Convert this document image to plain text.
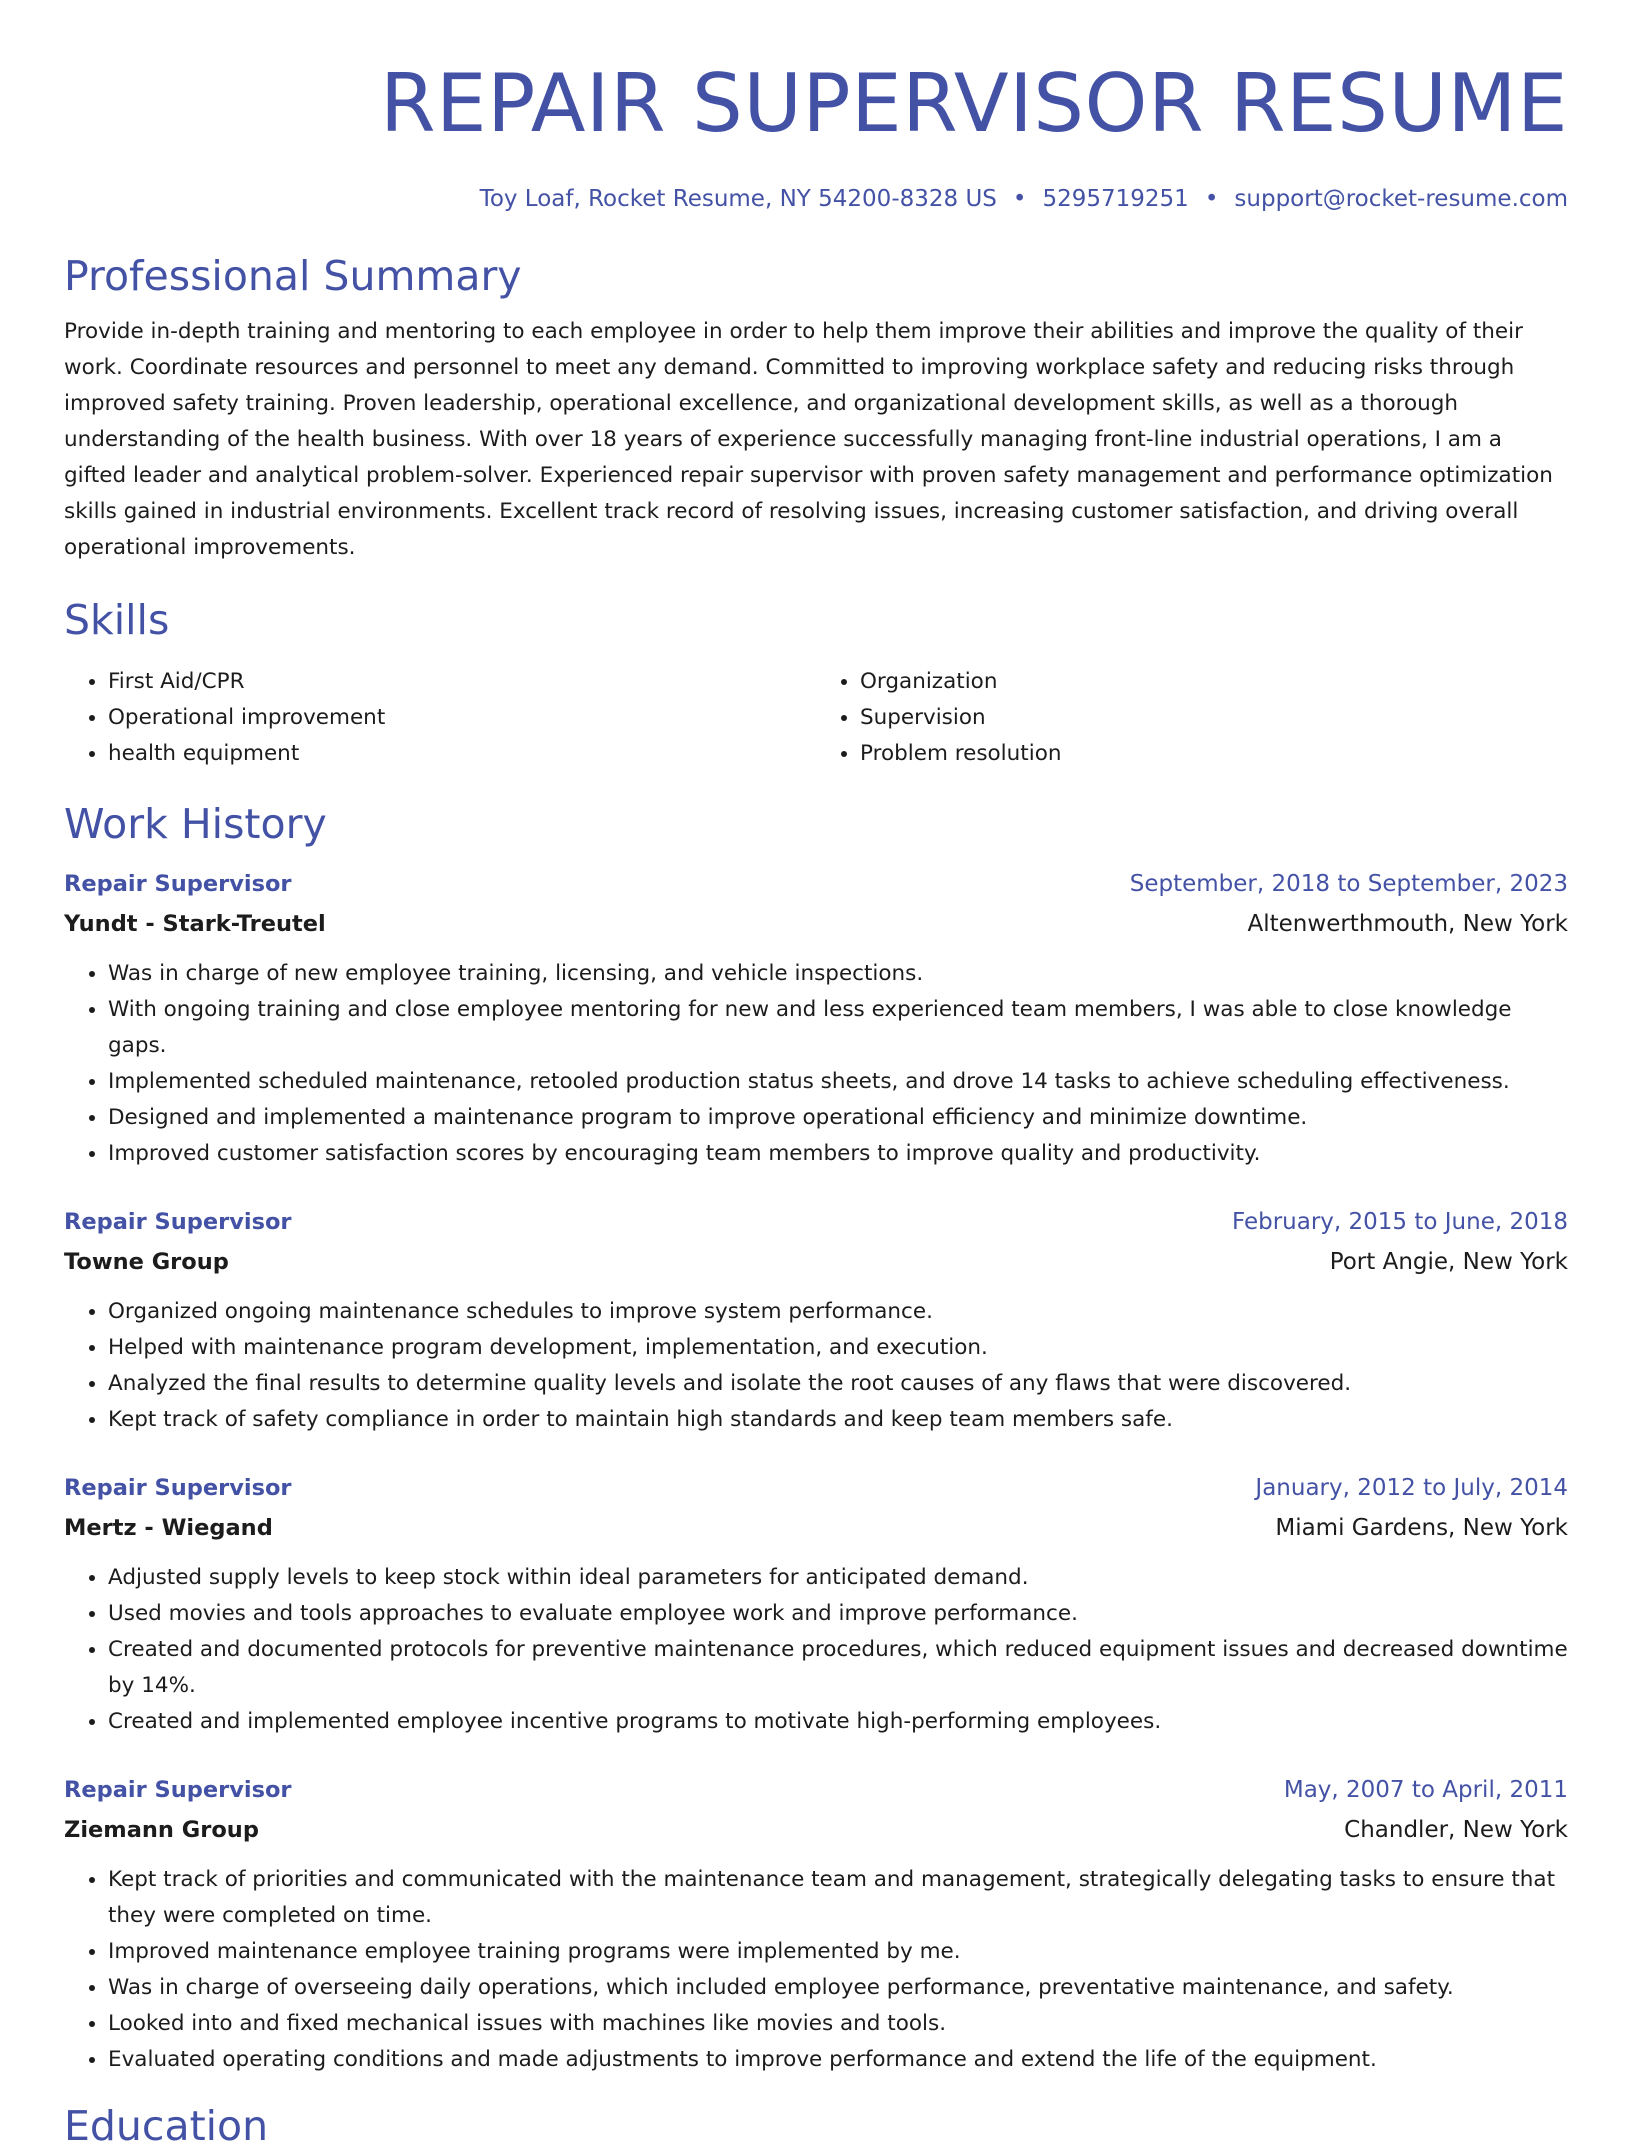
REPAIR SUPERVISOR RESUME
Toy Loaf, Rocket Resume, NY 54200-8328 US • 5295719251 • support@rocket-resume.com
Professional Summary

Provide in-depth training and mentoring to each employee in order to help them improve their abilities and improve the quality of their work. Coordinate resources and personnel to meet any demand. Committed to improving workplace safety and reducing risks through improved safety training. Proven leadership, operational excellence, and organizational development skills, as well as a thorough understanding of the health business. With over 18 years of experience successfully managing front-line industrial operations, I am a gifted leader and analytical problem-solver. Experienced repair supervisor with proven safety management and performance optimization skills gained in industrial environments. Excellent track record of resolving issues, increasing customer satisfaction, and driving overall operational improvements.

Skills
• First Aid/CPR
• Operational improvement
• health equipment
• Organization
• Supervision
• Problem resolution
Work History
Repair Supervisor	September, 2018 to September, 2023
Yundt - Stark-Treutel	Altenwerthmouth, New York
• Was in charge of new employee training, licensing, and vehicle inspections.
• With ongoing training and close employee mentoring for new and less experienced team members, I was able to close knowledge gaps.
• Implemented scheduled maintenance, retooled production status sheets, and drove 14 tasks to achieve scheduling effectiveness.
• Designed and implemented a maintenance program to improve operational efficiency and minimize downtime.
• Improved customer satisfaction scores by encouraging team members to improve quality and productivity.
Repair Supervisor	February, 2015 to June, 2018
Towne Group	Port Angie, New York
• Organized ongoing maintenance schedules to improve system performance.
• Helped with maintenance program development, implementation, and execution.
• Analyzed the final results to determine quality levels and isolate the root causes of any flaws that were discovered.
• Kept track of safety compliance in order to maintain high standards and keep team members safe.
Repair Supervisor	January, 2012 to July, 2014
Mertz - Wiegand	Miami Gardens, New York
• Adjusted supply levels to keep stock within ideal parameters for anticipated demand.
• Used movies and tools approaches to evaluate employee work and improve performance.
• Created and documented protocols for preventive maintenance procedures, which reduced equipment issues and decreased downtime by 14%.
• Created and implemented employee incentive programs to motivate high-performing employees.
Repair Supervisor	May, 2007 to April, 2011
Ziemann Group	Chandler, New York
• Kept track of priorities and communicated with the maintenance team and management, strategically delegating tasks to ensure that they were completed on time.
• Improved maintenance employee training programs were implemented by me.
• Was in charge of overseeing daily operations, which included employee performance, preventative maintenance, and safety.
• Looked into and fixed mechanical issues with machines like movies and tools.
• Evaluated operating conditions and made adjustments to improve performance and extend the life of the equipment.
Education
